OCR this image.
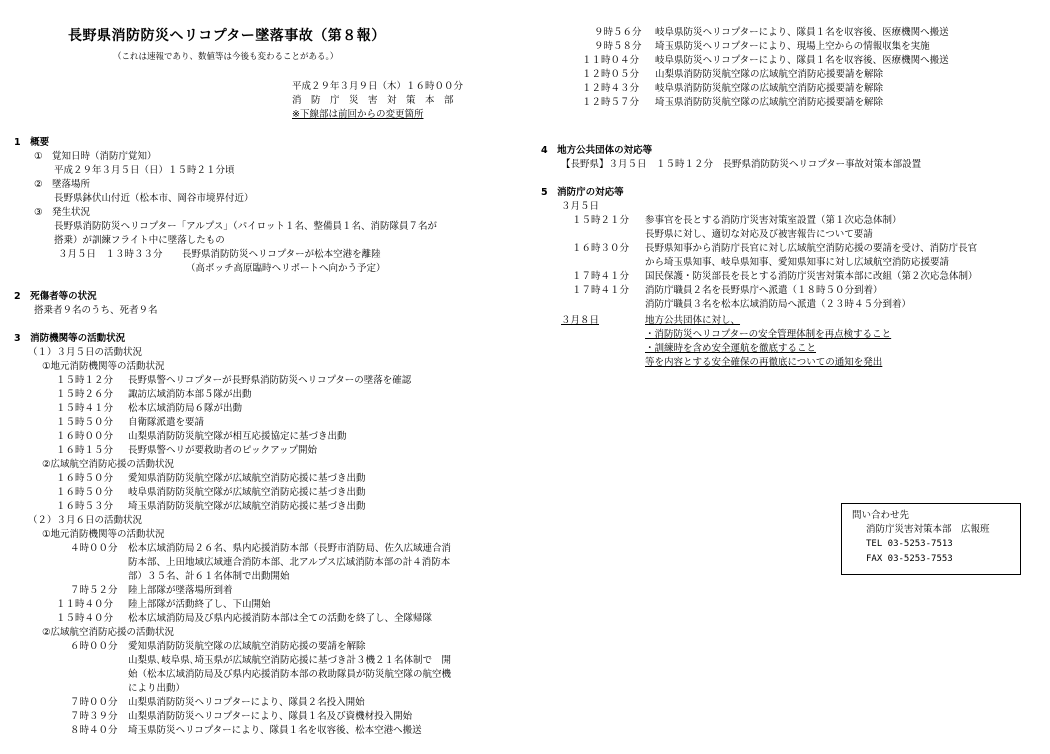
長野県消防防災ヘリコプター墜落事故（第８報）
（これは速報であり、数値等は今後も変わることがある。）
平成２９年３月９日（木）１６時００分
消　防　庁　災　害　対　策　本　部
※下線部は前回からの変更箇所
1　概要
①　覚知日時（消防庁覚知）
平成２９年３月５日（日）１５時２１分頃
②　墜落場所
長野県鉢伏山付近（松本市、岡谷市境界付近）
③　発生状況
長野県消防防災ヘリコプター「アルプス」（パイロット１名、整備員１名、消防隊員７名が
搭乗）が訓練フライト中に墜落したもの
３月５日　１３時３３分 長野県消防防災ヘリコプターが松本空港を離陸
（高ボッチ高原臨時ヘリポートへ向かう予定）
2　死傷者等の状況
搭乗者９名のうち、死者９名
3　消防機関等の活動状況
（１）３月５日の活動状況
①地元消防機関等の活動状況
１５時１２分 長野県警ヘリコプターが長野県消防防災ヘリコプターの墜落を確認
１５時２６分 諏訪広域消防本部５隊が出動
１５時４１分 松本広域消防局６隊が出動
１５時５０分 自衛隊派遣を要請
１６時００分 山梨県消防防災航空隊が相互応援協定に基づき出動
１６時１５分 長野県警ヘリが要救助者のピックアップ開始
②広域航空消防応援の活動状況
１６時５０分 愛知県消防防災航空隊が広域航空消防応援に基づき出動
１６時５０分 岐阜県消防防災航空隊が広域航空消防応援に基づき出動
１６時５３分 埼玉県消防防災航空隊が広域航空消防応援に基づき出動
（２）３月６日の活動状況
①地元消防機関等の活動状況
４時００分 松本広域消防局２６名、県内応援消防本部（長野市消防局、佐久広域連合消
防本部、上田地域広域連合消防本部、北アルプス広域消防本部の計４消防本
部）３５名、計６１名体制で出動開始
７時５２分 陸上部隊が墜落場所到着
１１時４０分 陸上部隊が活動終了し、下山開始
１５時４０分 松本広域消防局及び県内応援消防本部は全ての活動を終了し、全隊帰隊
②広域航空消防応援の活動状況
６時００分 愛知県消防防災航空隊の広域航空消防応援の要請を解除
山梨県､岐阜県､埼玉県が広域航空消防応援に基づき計３機２１名体制で　開
始（松本広域消防局及び県内応援消防本部の救助隊員が防災航空隊の航空機
により出動）
７時００分 山梨県消防防災ヘリコプターにより、隊員２名投入開始
７時３９分 山梨県消防防災ヘリコプターにより、隊員１名及び資機材投入開始
８時４０分 埼玉県防災ヘリコプターにより、隊員１名を収容後、松本空港へ搬送
９時５６分 岐阜県防災ヘリコプターにより、隊員１名を収容後、医療機関へ搬送
９時５８分 埼玉県防災ヘリコプターにより、現場上空からの情報収集を実施
１１時０４分 岐阜県防災ヘリコプターにより、隊員１名を収容後、医療機関へ搬送
１２時０５分 山梨県消防防災航空隊の広域航空消防応援要請を解除
１２時４３分 岐阜県消防防災航空隊の広域航空消防応援要請を解除
１２時５７分 埼玉県消防防災航空隊の広域航空消防応援要請を解除
4　地方公共団体の対応等
【長野県】３月５日　１５時１２分　長野県消防防災ヘリコプター事故対策本部設置
5　消防庁の対応等
３月５日
１５時２１分 参事官を長とする消防庁災害対策室設置（第１次応急体制）
長野県に対し、適切な対応及び被害報告について要請
１６時３０分 長野県知事から消防庁長官に対し広域航空消防応援の要請を受け、消防庁長官
から埼玉県知事、岐阜県知事、愛知県知事に対し広域航空消防応援要請
１７時４１分 国民保護・防災部長を長とする消防庁災害対策本部に改組（第２次応急体制）
１７時４１分 消防庁職員２名を長野県庁へ派遣（１８時５０分到着）
消防庁職員３名を松本広域消防局へ派遣（２３時４５分到着）
３月８日	地方公共団体に対し、
・消防防災ヘリコプターの安全管理体制を再点検すること
・訓練時を含め安全運航を徹底すること
等を内容とする安全確保の再徹底についての通知を発出
問い合わせ先
消防庁災害対策本部　広報班
TEL 03-5253-7513
FAX 03-5253-7553
